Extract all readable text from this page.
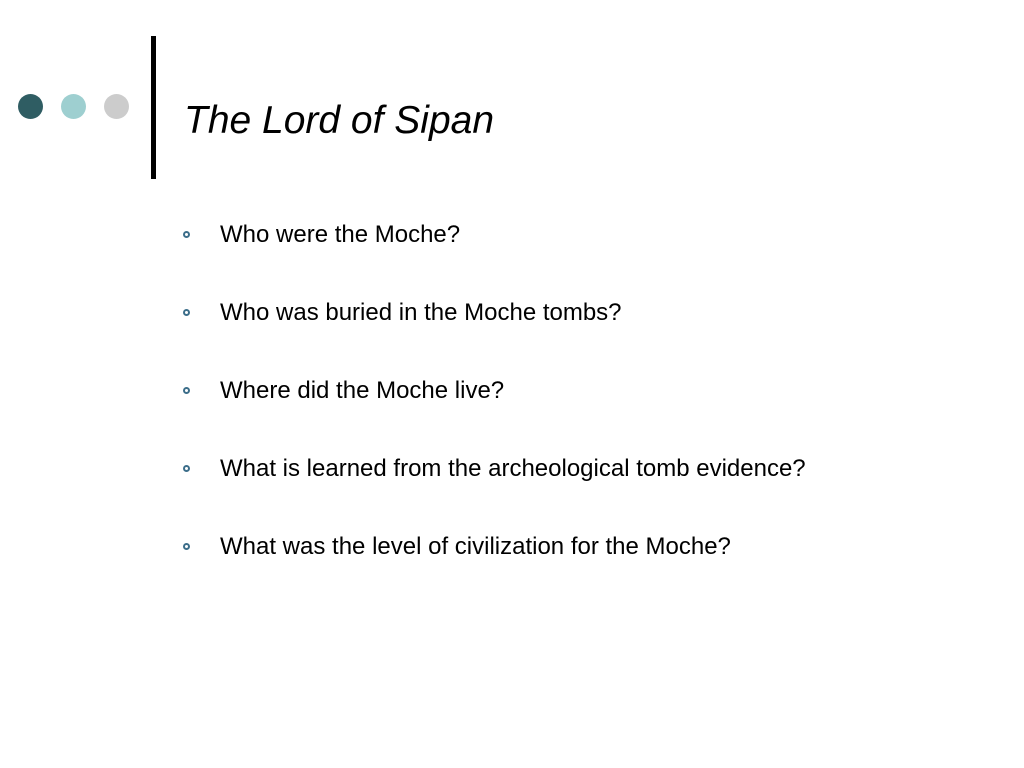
The Lord of Sipan
Who were the Moche?
Who was buried in the Moche tombs?
Where did the Moche live?
What is learned from the archeological tomb evidence?
What was the level of civilization for the Moche?
